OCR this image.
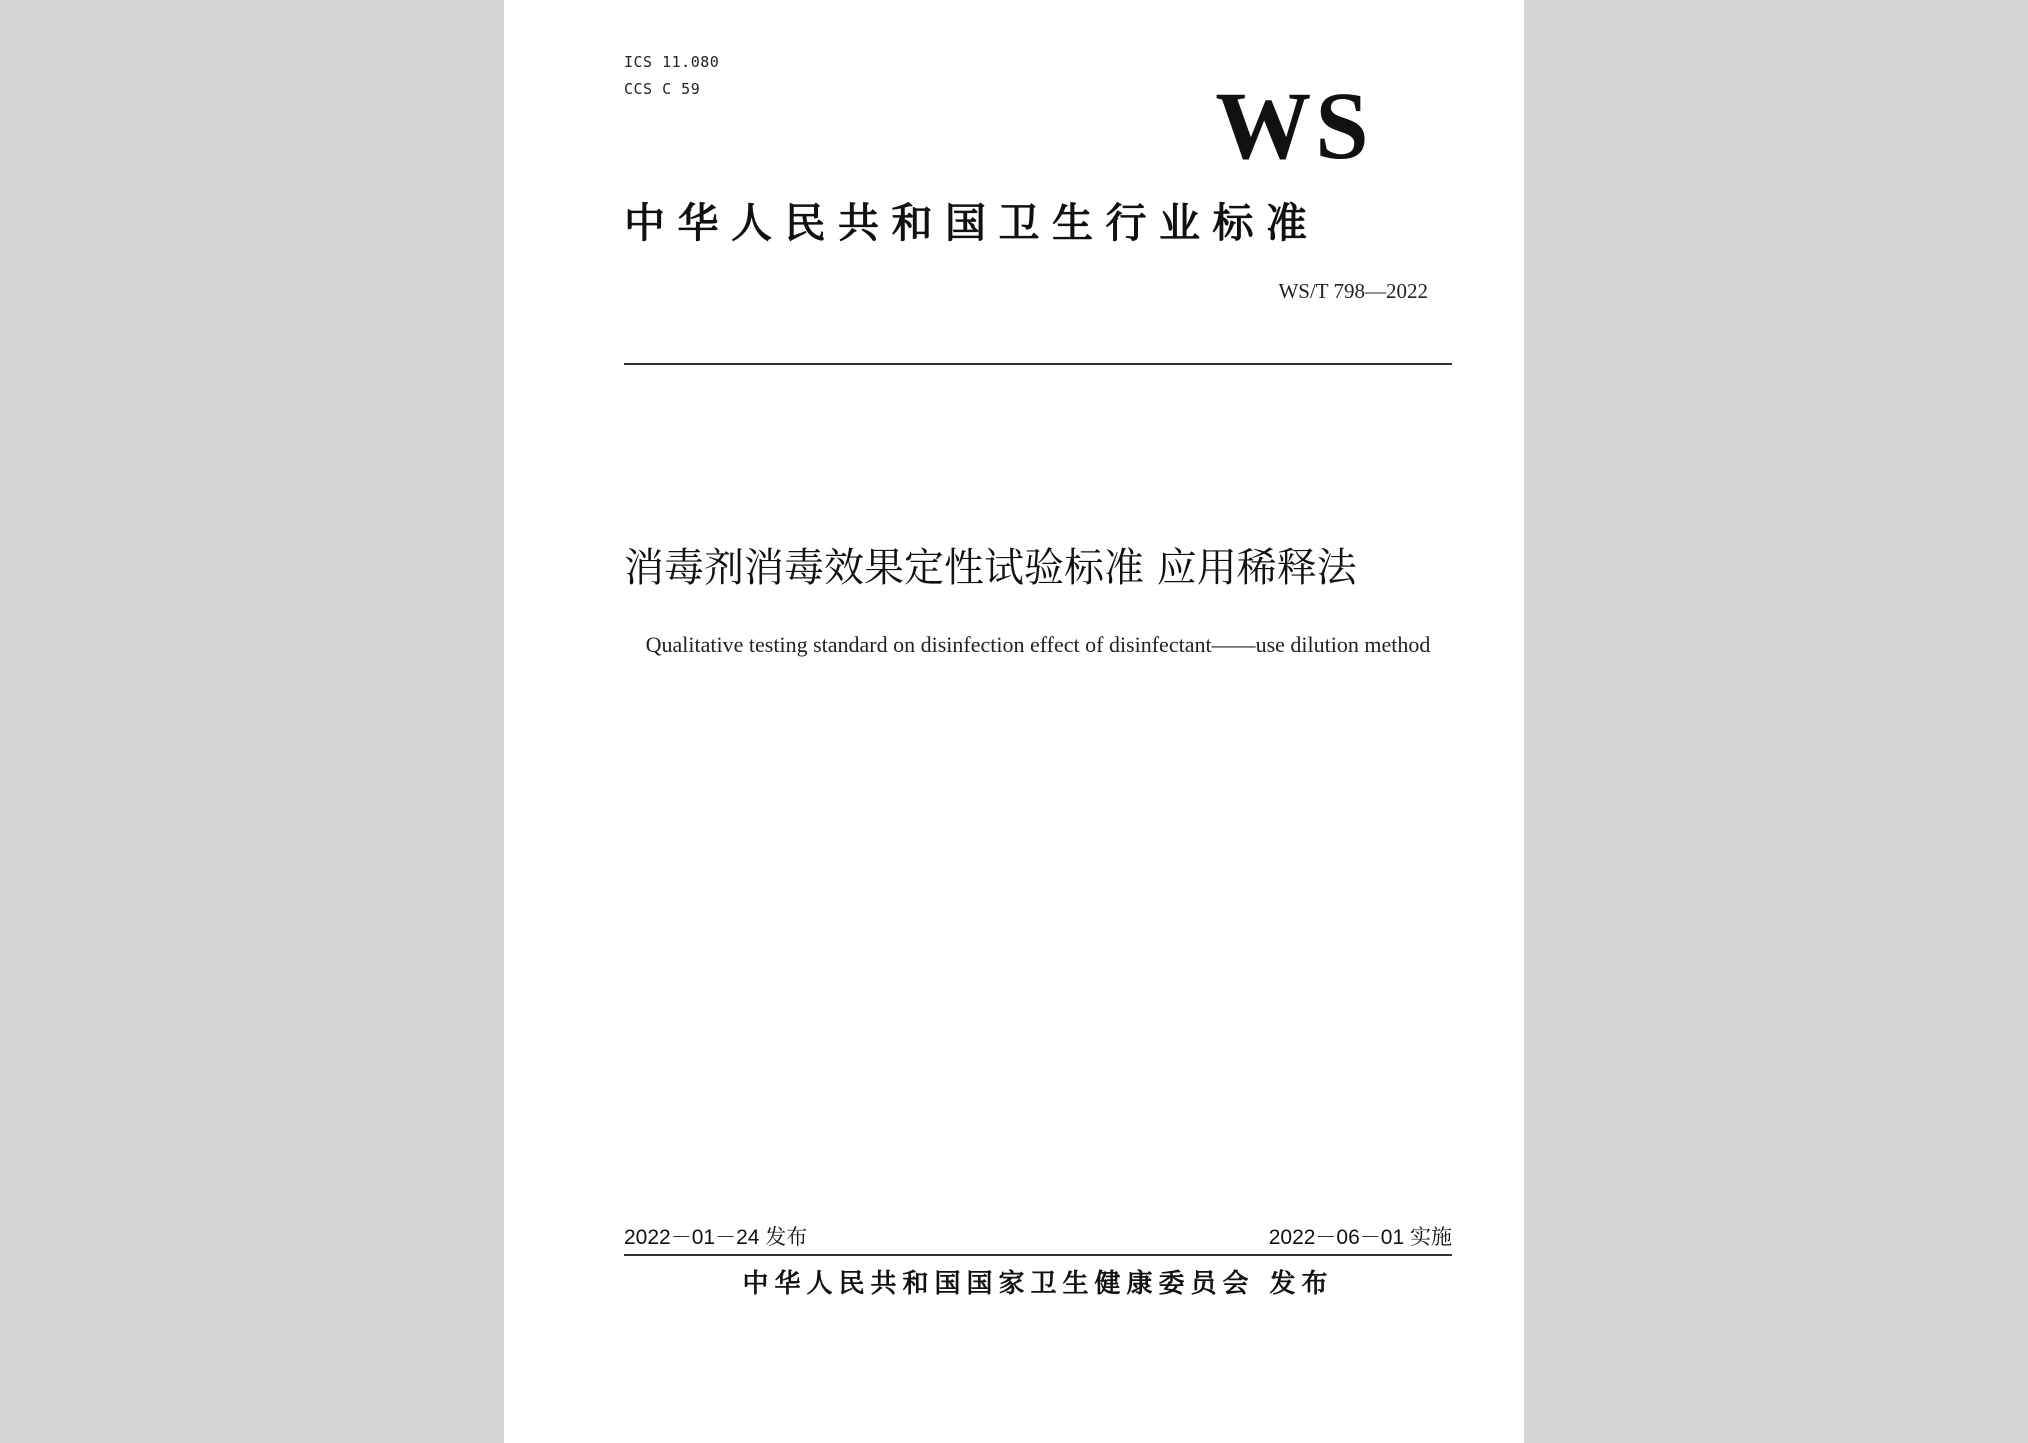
ICS 11.080
CCS C 59	WS
中华人民共和国卫生行业标准
WS/T 798—2022
消毒剂消毒效果定性试验标准 应用稀释法
Qualitative testing standard on disinfection effect of disinfectant——use dilution method
2022－01－24 发布	2022－06－01 实施
中华人民共和国国家卫生健康委员会 发布
